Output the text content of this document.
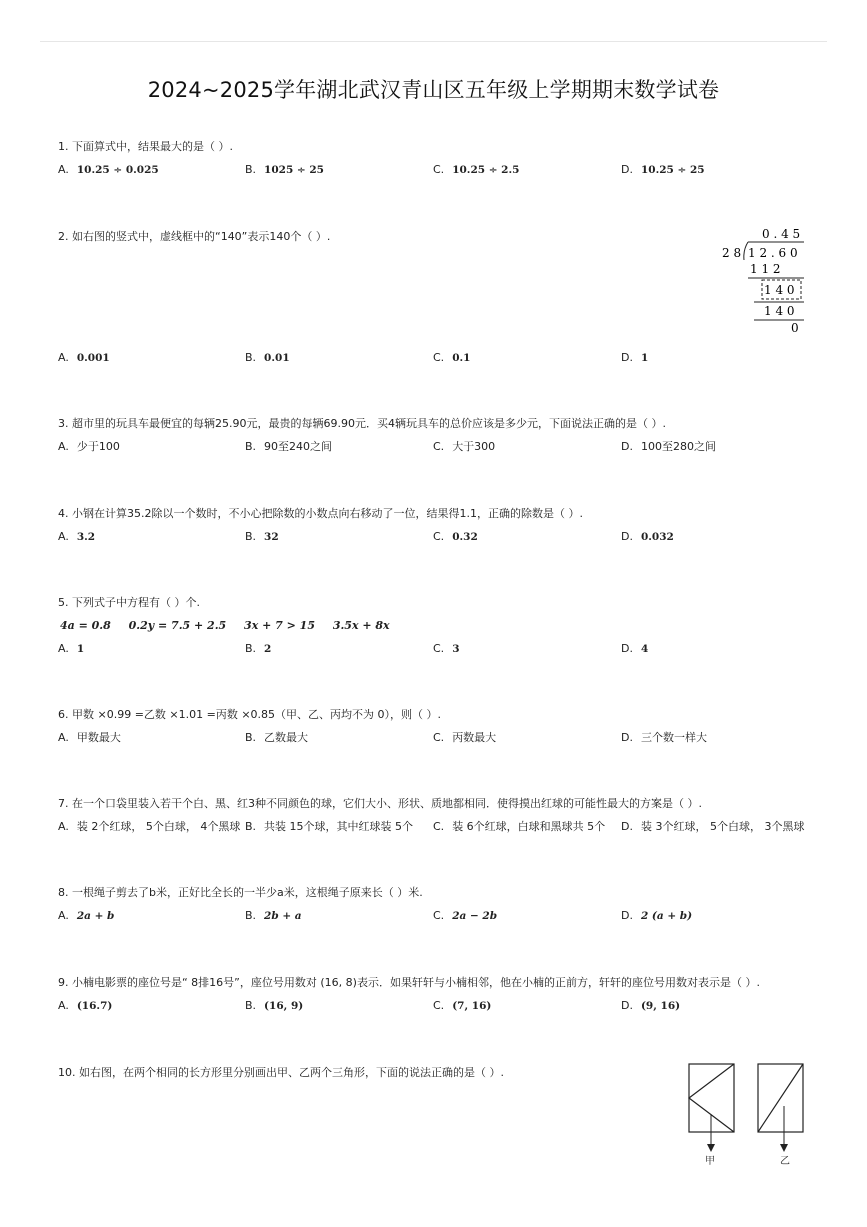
2024~2025学年湖北武汉青山区五年级上学期期末数学试卷
1. 下面算式中，结果最大的是（ ）.
A. 10.25 ÷ 0.025	B. 1025 ÷ 25	C. 10.25 ÷ 2.5	D. 10.25 ÷ 25
2. 如右图的竖式中，虚线框中的“140”表示140个（ ）.	0 . 4 5
2 8 1 2 . 6 0
1 1 2
1 4 0
1 4 0
0
A. 0.001	B. 0.01	C. 0.1	D. 1
3. 超市里的玩具车最便宜的每辆25.90元，最贵的每辆69.90元．买4辆玩具车的总价应该是多少元，下面说法正确的是（ ）.
A. 少于100	B. 90至240之间	C. 大于300	D. 100至280之间
4. 小钢在计算35.2除以一个数时，不小心把除数的小数点向右移动了一位，结果得1.1，正确的除数是（ ）.
A. 3.2	B. 32	C. 0.32	D. 0.032
5. 下列式子中方程有（ ）个.
4a = 0.8 0.2y = 7.5 + 2.5 3x + 7 > 15 3.5x + 8x
A. 1	B. 2	C. 3	D. 4
6. 甲数 ×0.99 =乙数 ×1.01 =丙数 ×0.85（甲、乙、丙均不为 0），则（ ）.
A. 甲数最大	B. 乙数最大	C. 丙数最大	D. 三个数一样大
7. 在一个口袋里装入若干个白、黑、红3种不同颜色的球，它们大小、形状、质地都相同．使得摸出红球的可能性最大的方案是（ ）.
A. 装 2个红球， 5个白球， 4个黑球 B. 共装 15个球，其中红球装 5个 C. 装 6个红球，白球和黑球共 5个 D. 装 3个红球， 5个白球， 3个黑球
8. 一根绳子剪去了b米，正好比全长的一半少a米，这根绳子原来长（ ）米.
A. 2a + b	B. 2b + a	C. 2a − 2b	D. 2 (a + b)
9. 小楠电影票的座位号是“ 8排16号”，座位号用数对 (16, 8)表示．如果轩轩与小楠相邻，他在小楠的正前方，轩轩的座位号用数对表示是（ ）.
A. (16.7)	B. (16, 9)	C. (7, 16)	D. (9, 16)
10. 如右图，在两个相同的长方形里分别画出甲、乙两个三角形，下面的说法正确的是（ ）.
甲	乙
